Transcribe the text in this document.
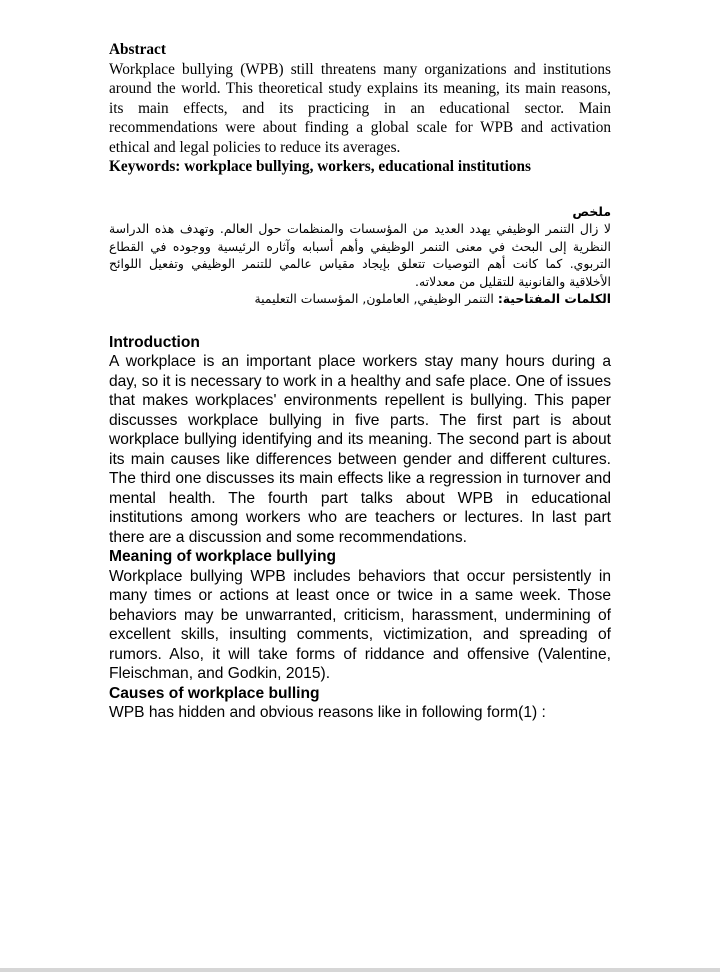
Abstract

Workplace bullying (WPB) still threatens many organizations and institutions around the world. This theoretical study explains its meaning, its main reasons, its main effects, and its practicing in an educational sector. Main recommendations were about finding a global scale for WPB and activation ethical and legal policies to reduce its averages.

Keywords: workplace bullying, workers, educational institutions

ملخص

لا زال التنمر الوظيفي يهدد العديد من المؤسسات والمنظمات حول العالم. وتهدف هذه الدراسة النظرية إلى البحث في معنى التنمر الوظيفي وأهم أسبابه وآثاره الرئيسية ووجوده في القطاع التربوي. كما كانت أهم التوصيات تتعلق بإيجاد مقياس عالمي للتنمر الوظيفي وتفعيل اللوائح الأخلاقية والقانونية للتقليل من معدلاته.

الكلمات المفتاحية: التنمر الوظيفي, العاملون, المؤسسات التعليمية

Introduction

A workplace is an important place workers stay many hours during a day, so it is necessary to work in a healthy and safe place. One of issues that makes workplaces' environments repellent is bullying. This paper discusses workplace bullying in five parts. The first part is about workplace bullying identifying and its meaning. The second part is about its main causes like differences between gender and different cultures. The third one discusses its main effects like a regression in turnover and mental health. The fourth part talks about WPB in educational institutions among workers who are teachers or lectures. In last part there are a discussion and some recommendations.

Meaning of workplace bullying

Workplace bullying WPB includes behaviors that occur persistently in many times or actions at least once or twice in a same week. Those behaviors may be unwarranted, criticism, harassment, undermining of excellent skills, insulting comments, victimization, and spreading of rumors. Also, it will take forms of riddance and offensive (Valentine, Fleischman, and Godkin, 2015).

Causes of workplace bulling

WPB has hidden and obvious reasons like in following form(1) :
